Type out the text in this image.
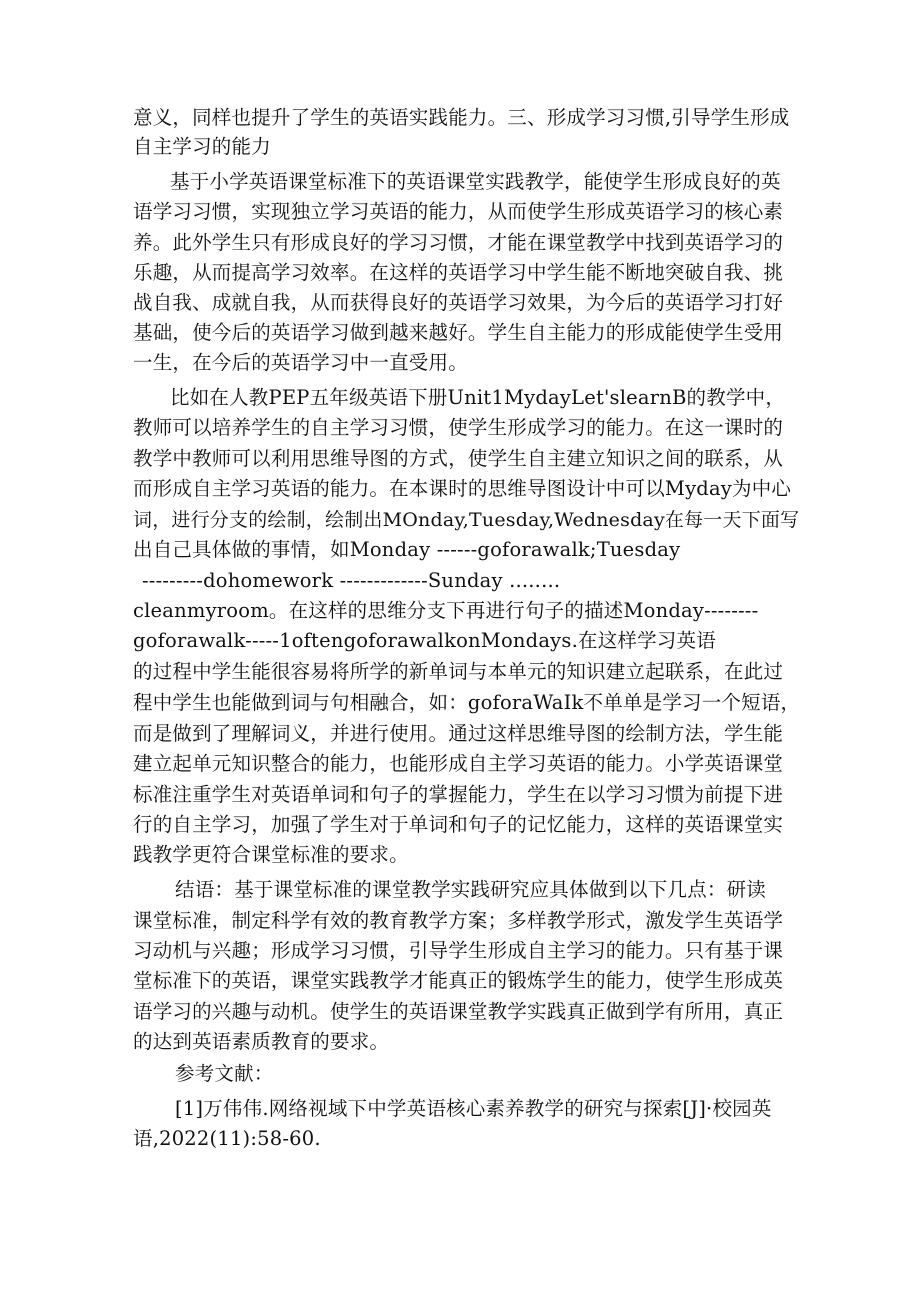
意义，同样也提升了学生的英语实践能力。三、形成学习习惯,引导学生形成
自主学习的能力
基于小学英语课堂标准下的英语课堂实践教学，能使学生形成良好的英
语学习习惯，实现独立学习英语的能力，从而使学生形成英语学习的核心素
养。此外学生只有形成良好的学习习惯，才能在课堂教学中找到英语学习的
乐趣，从而提高学习效率。在这样的英语学习中学生能不断地突破自我、挑
战自我、成就自我，从而获得良好的英语学习效果，为今后的英语学习打好
基础，使今后的英语学习做到越来越好。学生自主能力的形成能使学生受用
一生，在今后的英语学习中一直受用。
比如在人教PEP五年级英语下册Unit1MydayLet'slearnB的教学中，
教师可以培养学生的自主学习习惯，使学生形成学习的能力。在这一课时的
教学中教师可以利用思维导图的方式，使学生自主建立知识之间的联系，从
而形成自主学习英语的能力。在本课时的思维导图设计中可以Myday为中心
词，进行分支的绘制，绘制出MOnday,Tuesday,Wednesday在每一天下面写
出自己具体做的事情，如Monday ------goforawalk;Tuesday
---------dohomework -------------Sunday ........
cleanmyroom。在这样的思维分支下再进行句子的描述Monday--------
goforawalk-----1oftengoforawalkonMondays.在这样学习英语
的过程中学生能很容易将所学的新单词与本单元的知识建立起联系，在此过
程中学生也能做到词与句相融合，如：goforaWaIk不单单是学习一个短语，
而是做到了理解词义，并进行使用。通过这样思维导图的绘制方法，学生能
建立起单元知识整合的能力，也能形成自主学习英语的能力。小学英语课堂
标准注重学生对英语单词和句子的掌握能力，学生在以学习习惯为前提下进
行的自主学习，加强了学生对于单词和句子的记忆能力，这样的英语课堂实
践教学更符合课堂标准的要求。
结语：基于课堂标准的课堂教学实践研究应具体做到以下几点：研读
课堂标准，制定科学有效的教育教学方案；多样教学形式，激发学生英语学
习动机与兴趣；形成学习习惯，引导学生形成自主学习的能力。只有基于课
堂标准下的英语，课堂实践教学才能真正的锻炼学生的能力，使学生形成英
语学习的兴趣与动机。使学生的英语课堂教学实践真正做到学有所用，真正
的达到英语素质教育的要求。
参考文献：
[1]万伟伟.网络视域下中学英语核心素养教学的研究与探索[J]·校园英
语,2022(11):58-60.
